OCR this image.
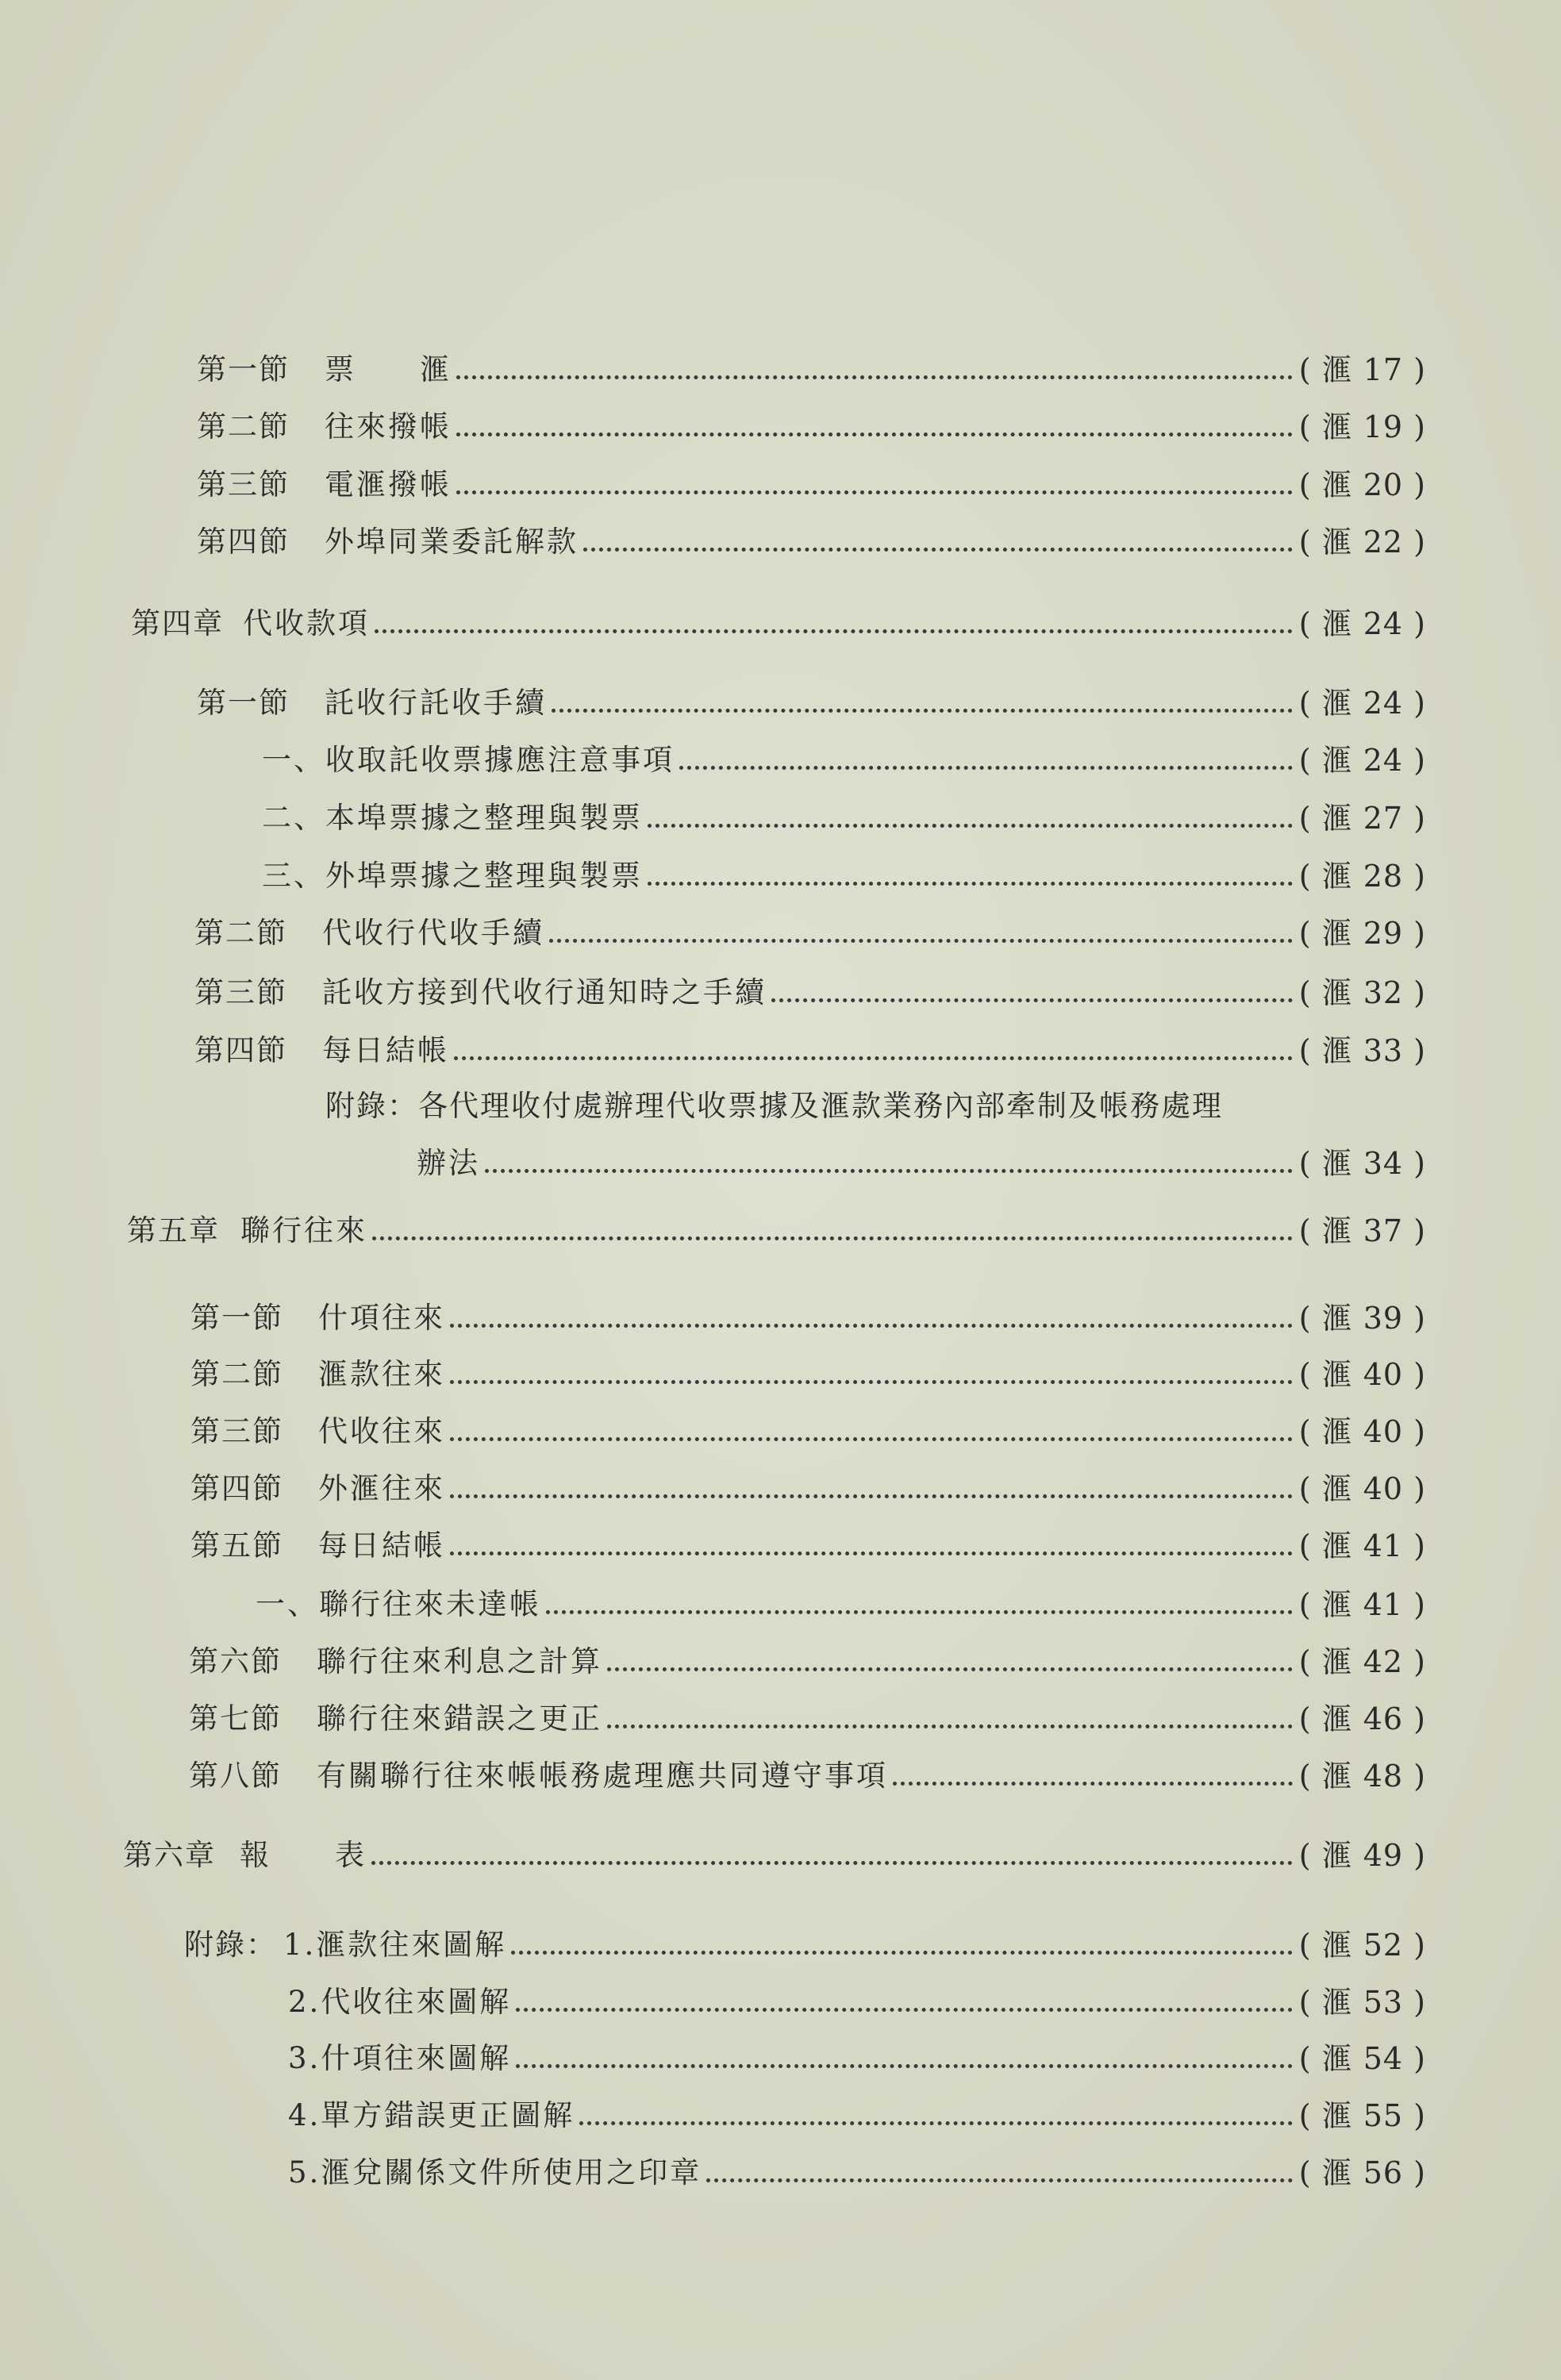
第一節 票　　滙	( 滙 17 )
第二節 往來撥帳	( 滙 19 )
第三節 電滙撥帳	( 滙 20 )
第四節 外埠同業委託解款	( 滙 22 )
第四章 代收款項	( 滙 24 )
第一節 託收行託收手續	( 滙 24 )
一、收取託收票據應注意事項	( 滙 24 )
二、本埠票據之整理與製票	( 滙 27 )
三、外埠票據之整理與製票	( 滙 28 )
第二節 代收行代收手續	( 滙 29 )
第三節 託收方接到代收行通知時之手續	( 滙 32 )
第四節 每日結帳	( 滙 33 )
附錄：各代理收付處辦理代收票據及滙款業務內部牽制及帳務處理
辦法	( 滙 34 )
第五章 聯行往來	( 滙 37 )
第一節 什項往來	( 滙 39 )
第二節 滙款往來	( 滙 40 )
第三節 代收往來	( 滙 40 )
第四節 外滙往來	( 滙 40 )
第五節 每日結帳	( 滙 41 )
一、聯行往來未達帳	( 滙 41 )
第六節 聯行往來利息之計算	( 滙 42 )
第七節 聯行往來錯誤之更正	( 滙 46 )
第八節 有關聯行往來帳帳務處理應共同遵守事項	( 滙 48 )
第六章 報　　表	( 滙 49 )
附錄： 1.滙款往來圖解	( 滙 52 )
2.代收往來圖解	( 滙 53 )
3.什項往來圖解	( 滙 54 )
4.單方錯誤更正圖解	( 滙 55 )
5.滙兌關係文件所使用之印章	( 滙 56 )
